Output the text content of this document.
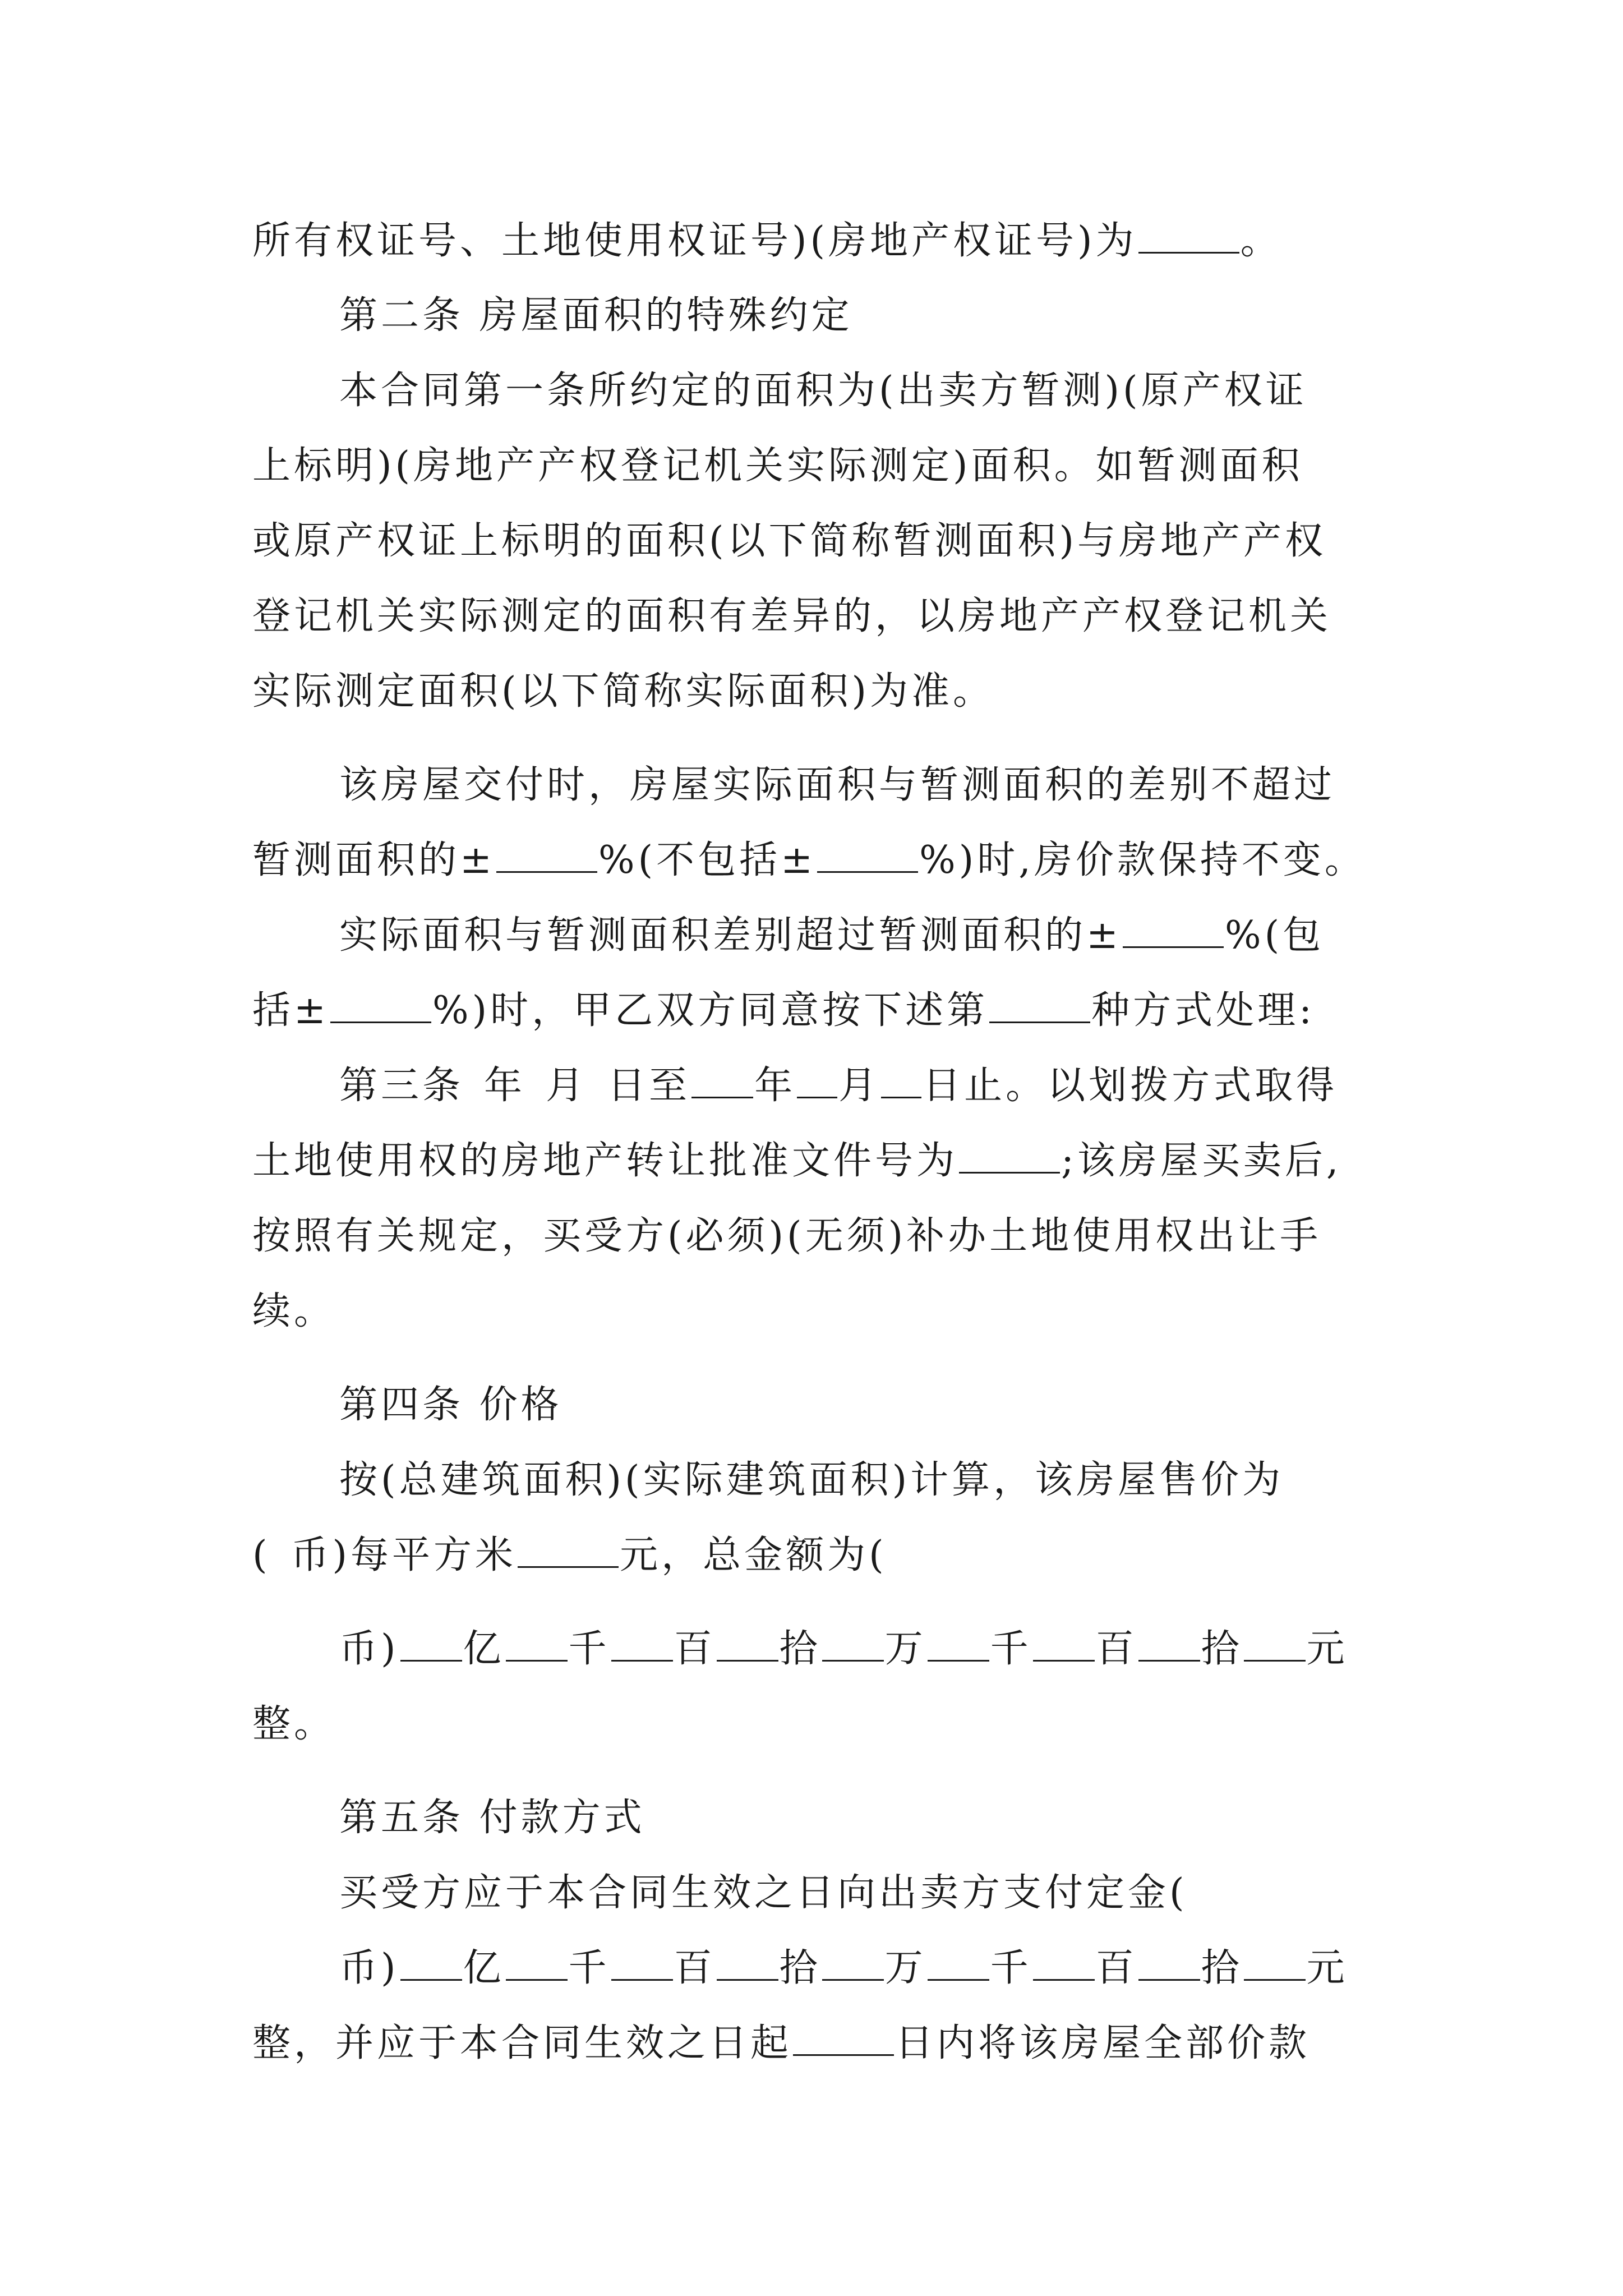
所有权证号、土地使用权证号)(房地产权证号)为	。
第二条 房屋面积的特殊约定
本合同第一条所约定的面积为(出卖方暂测)(原产权证
上标明)(房地产产权登记机关实际测定)面积。如暂测面积
或原产权证上标明的面积(以下简称暂测面积)与房地产产权
登记机关实际测定的面积有差异的，以房地产产权登记机关
实际测定面积(以下简称实际面积)为准。
该房屋交付时，房屋实际面积与暂测面积的差别不超过
暂测面积的±	%(不包括±	%)时,房价款保持不变。
实际面积与暂测面积差别超过暂测面积的±	%(包
括±	%)时，甲乙双方同意按下述第	种方式处理:
第三条 年 月 日至 年 月 日止。以划拨方式取得
土地使用权的房地产转让批准文件号为	;该房屋买卖后,
按照有关规定，买受方(必须)(无须)补办土地使用权出让手
续。
第四条 价格
按(总建筑面积)(实际建筑面积)计算，该房屋售价为
( 币)每平方米	元，总金额为(
币) 亿 千 百 拾 万 千 百 拾 元
整。
第五条 付款方式
买受方应于本合同生效之日向出卖方支付定金(
币) 亿 千 百 拾 万 千 百 拾 元
整，并应于本合同生效之日起	日内将该房屋全部价款
